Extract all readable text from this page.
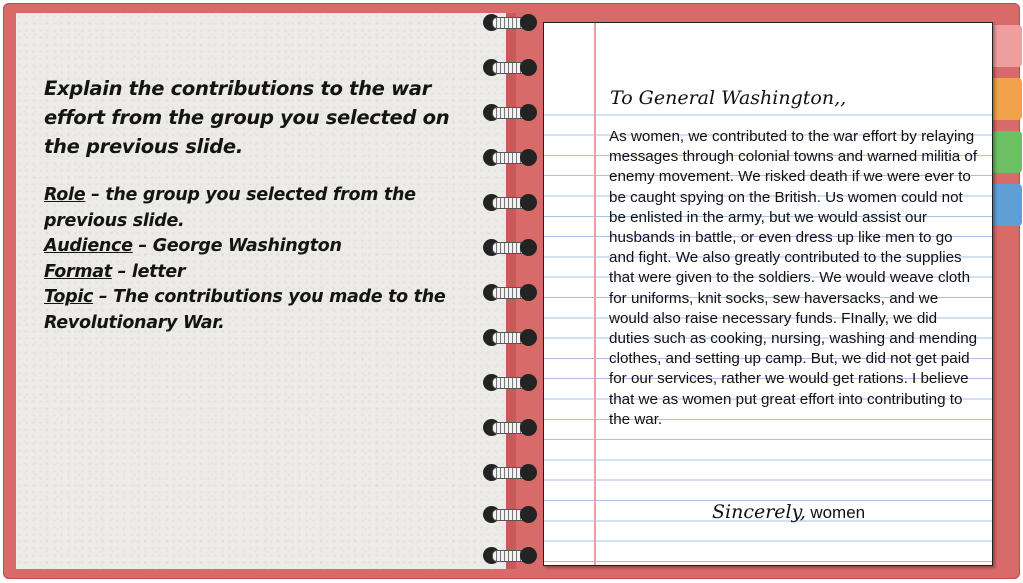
Explain the contributions to the war effort from the group you selected on the previous slide.
Role – the group you selected from the previous slide.
Audience – George Washington
Format – letter
Topic – The contributions you made to the Revolutionary War.
To General Washington,,
As women, we contributed to the war effort by relaying messages through colonial towns and warned militia of enemy movement. We risked death if we were ever to be caught spying on the British. Us women could not be enlisted in the army, but we would assist our husbands in battle, or even dress up like men to go and fight. We also greatly contributed to the supplies that were given to the soldiers. We would weave cloth for uniforms, knit socks, sew haversacks, and we would also raise necessary funds. FInally, we did duties such as cooking, nursing, washing and mending clothes, and setting up camp. But, we did not get paid for our services, rather we would get rations. I believe that we as women put great effort into contributing to the war.
Sincerely, women
